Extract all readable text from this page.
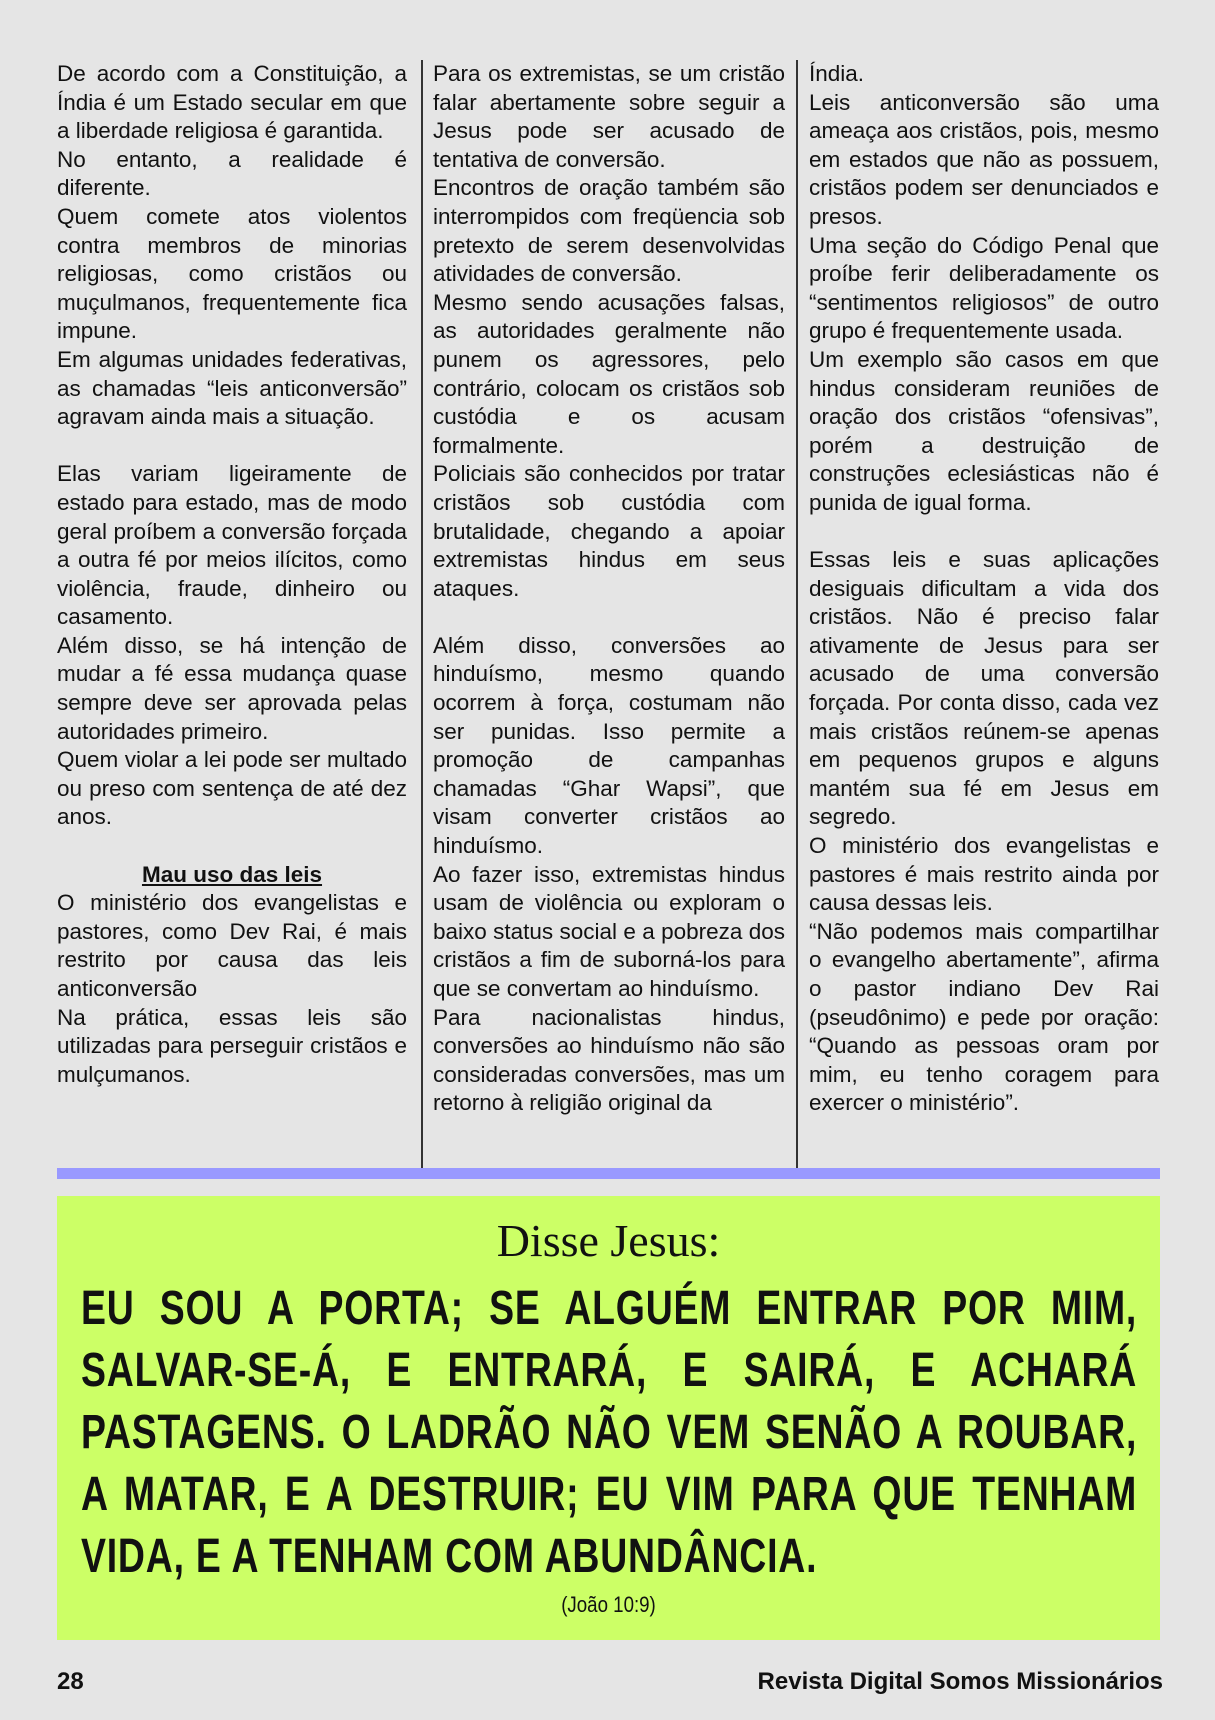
De acordo com a Constituição, a Índia é um Estado secular em que a liberdade religiosa é garantida.

No entanto, a realidade é diferente.

Quem comete atos violentos contra membros de minorias religiosas, como cristãos ou muçulmanos, frequentemente fica impune.

Em algumas unidades federativas, as chamadas “leis anticonversão” agravam ainda mais a situação.

Elas variam ligeiramente de estado para estado, mas de modo geral proíbem a conversão forçada a outra fé por meios ilícitos, como violência, fraude, dinheiro ou casamento.

Além disso, se há intenção de mudar a fé essa mudança quase sempre deve ser aprovada pelas autoridades primeiro.

Quem violar a lei pode ser multado ou preso com sentença de até dez anos.

Mau uso das leis

O ministério dos evangelistas e pastores, como Dev Rai, é mais restrito por causa das leis anticonversão

Na prática, essas leis são utilizadas para perseguir cristãos e mulçumanos.

Para os extremistas, se um cristão falar abertamente sobre seguir a Jesus pode ser acusado de tentativa de conversão.

Encontros de oração também são interrompidos com freqüencia sob pretexto de serem desenvolvidas atividades de conversão.

Mesmo sendo acusações falsas, as autoridades geralmente não punem os agressores, pelo contrário, colocam os cristãos sob custódia e os acusam formalmente.

Policiais são conhecidos por tratar cristãos sob custódia com brutalidade, chegando a apoiar extremistas hindus em seus ataques.

Além disso, conversões ao hinduísmo, mesmo quando ocorrem à força, costumam não ser punidas. Isso permite a promoção de campanhas chamadas “Ghar Wapsi”, que visam converter cristãos ao hinduísmo.

Ao fazer isso, extremistas hindus usam de violência ou exploram o baixo status social e a pobreza dos cristãos a fim de suborná-los para que se convertam ao hinduísmo.

Para nacionalistas hindus, conversões ao hinduísmo não são consideradas conversões, mas um retorno à religião original da

Índia.

Leis anticonversão são uma ameaça aos cristãos, pois, mesmo em estados que não as possuem, cristãos podem ser denunciados e presos.

Uma seção do Código Penal que proíbe ferir deliberadamente os “sentimentos religiosos” de outro grupo é frequentemente usada.

Um exemplo são casos em que hindus consideram reuniões de oração dos cristãos “ofensivas”, porém a destruição de construções eclesiásticas não é punida de igual forma.

Essas leis e suas aplicações desiguais dificultam a vida dos cristãos. Não é preciso falar ativamente de Jesus para ser acusado de uma conversão forçada. Por conta disso, cada vez mais cristãos reúnem-se apenas em pequenos grupos e alguns mantém sua fé em Jesus em segredo.

O ministério dos evangelistas e pastores é mais restrito ainda por causa dessas leis.

“Não podemos mais compartilhar o evangelho abertamente”, afirma o pastor indiano Dev Rai (pseudônimo) e pede por oração: “Quando as pessoas oram por mim, eu tenho coragem para exercer o ministério”.

Disse Jesus:
EU SOU A PORTA; SE ALGUÉM ENTRAR POR MIM, SALVAR-SE-Á, E ENTRARÁ, E SAIRÁ, E ACHARÁ PASTAGENS. O LADRÃO NÃO VEM SENÃO A ROUBAR, A MATAR, E A DESTRUIR; EU VIM PARA QUE TENHAM VIDA, E A TENHAM COM ABUNDÂNCIA.
(João 10:9)
28	Revista Digital Somos Missionários
